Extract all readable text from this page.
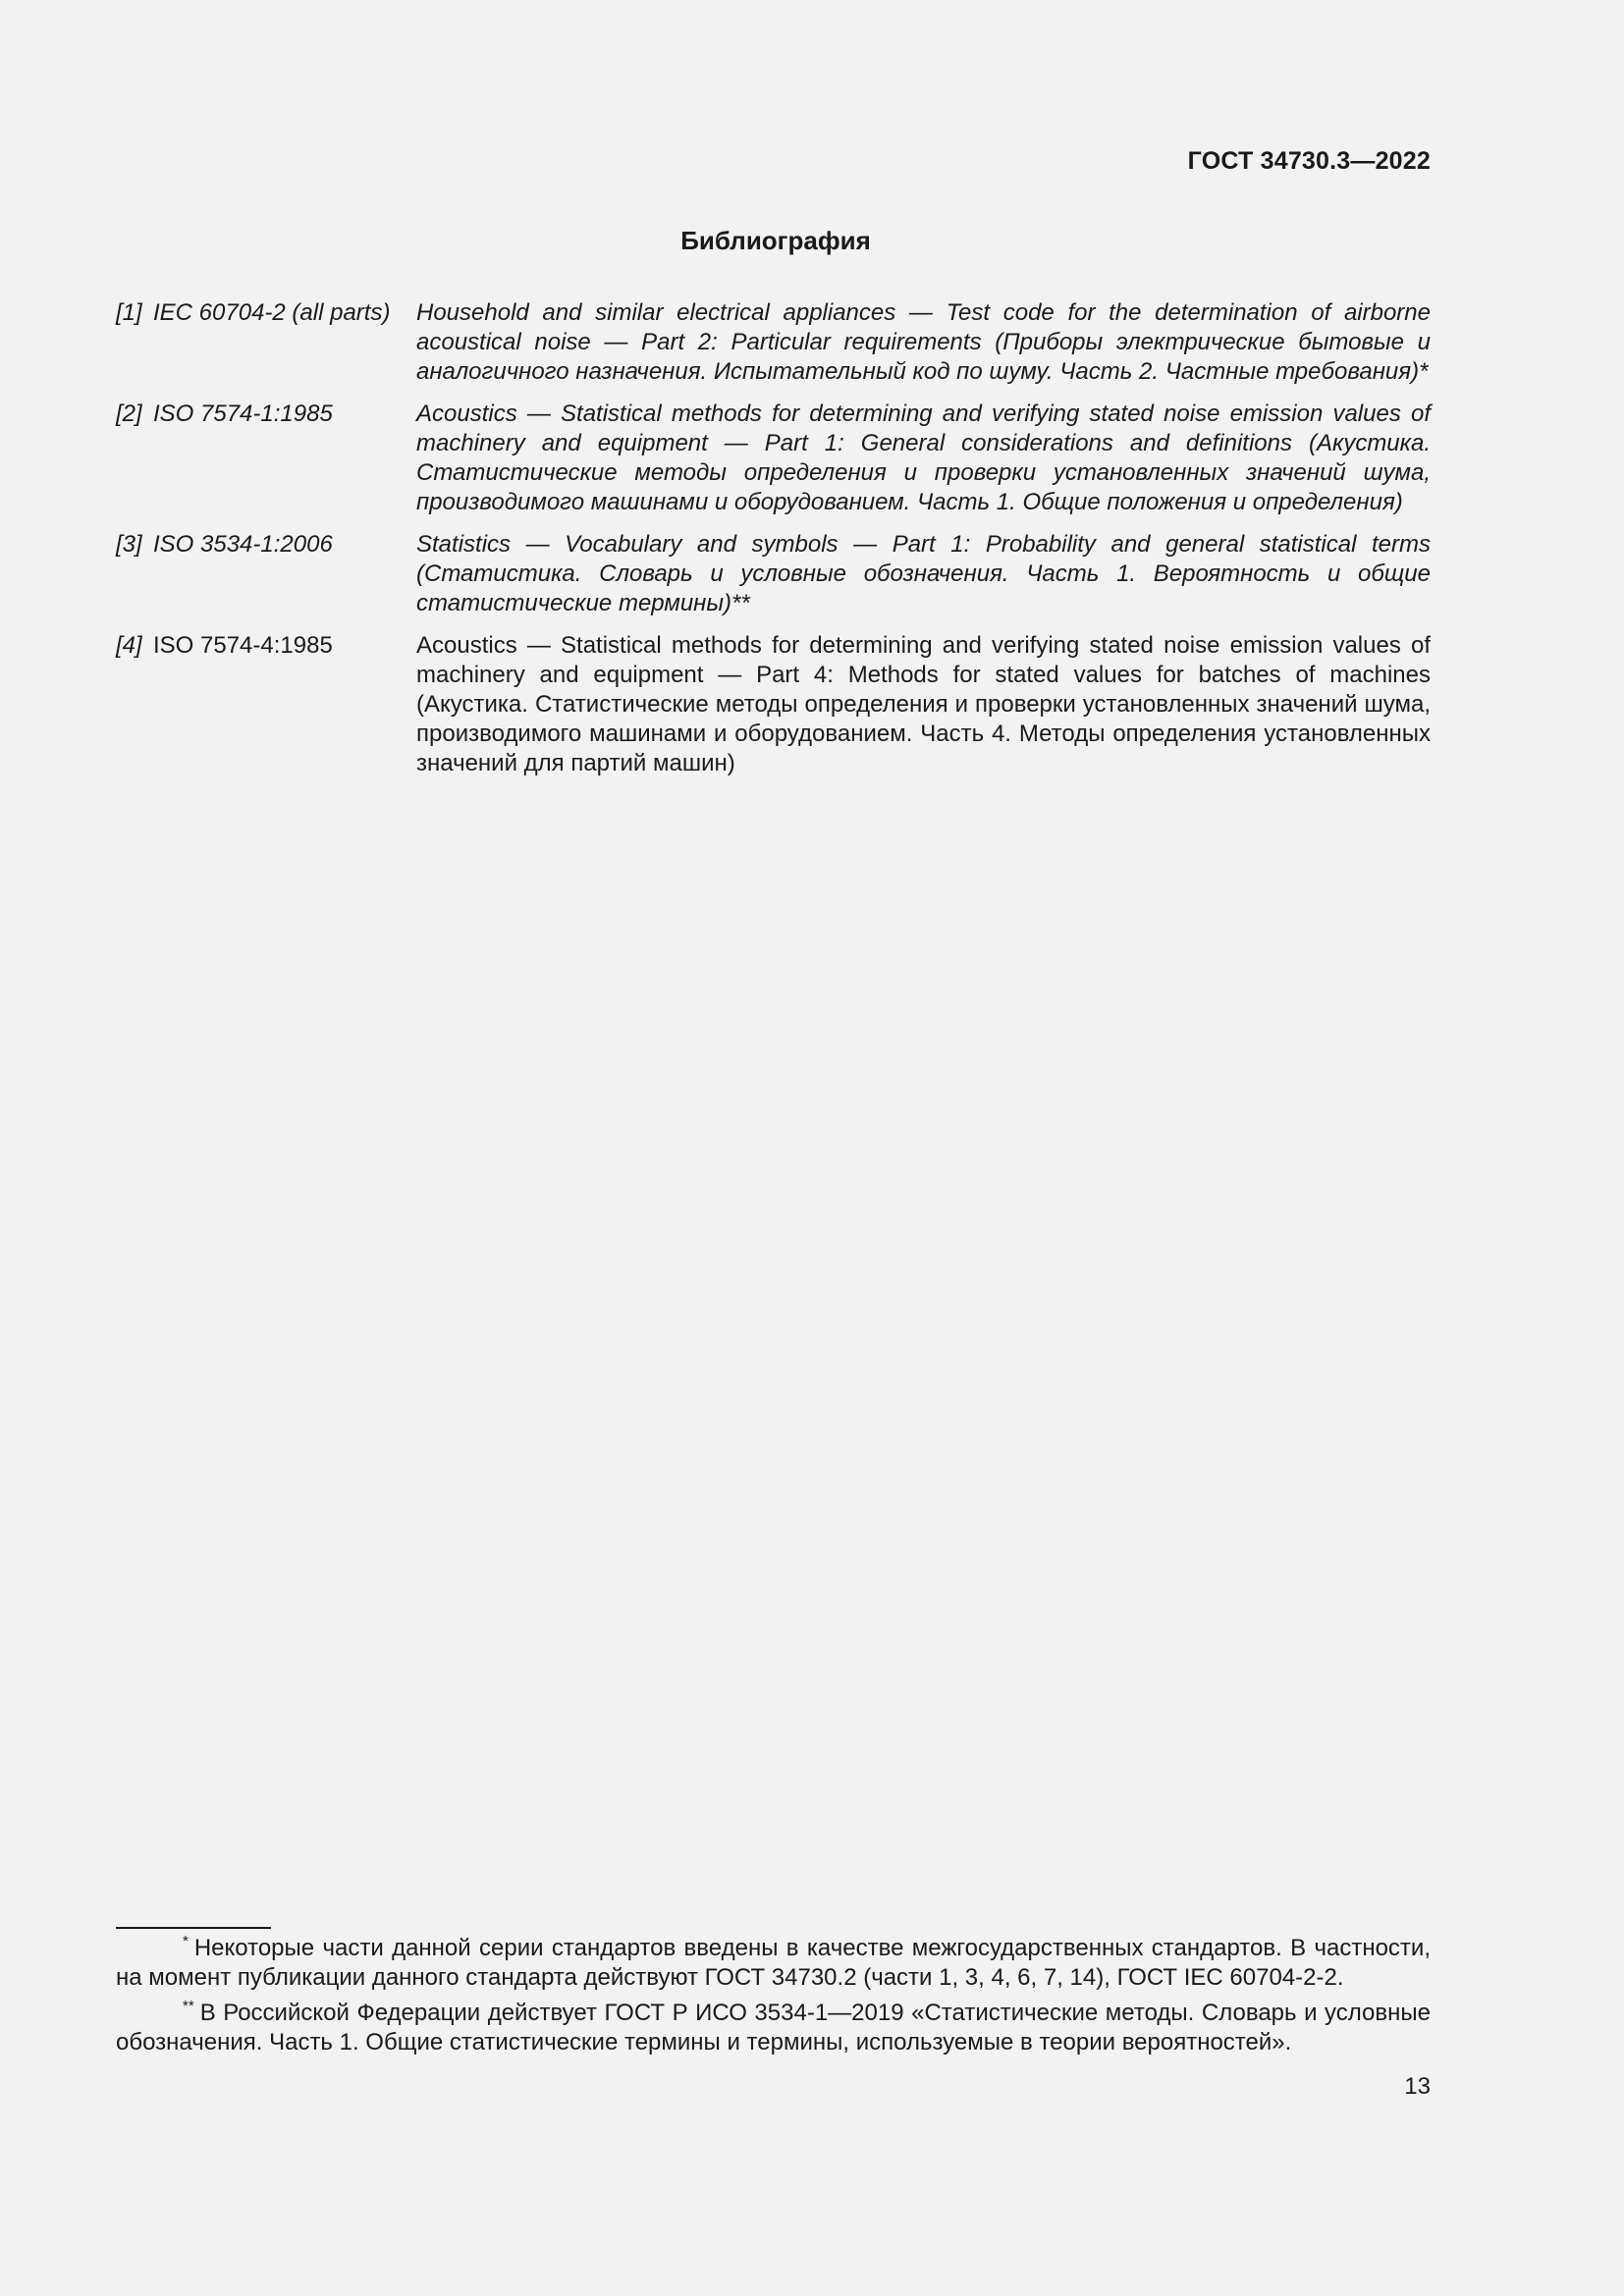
ГОСТ 34730.3—2022
Библиография
[1] IEC 60704-2 (all parts)	Household and similar electrical appliances — Test code for the determination of airborne acoustical noise — Part 2: Particular requirements (Приборы электрические бытовые и аналогичного назначения. Испытательный код по шуму. Часть 2. Частные требования)*
[2] ISO 7574-1:1985	Acoustics — Statistical methods for determining and verifying stated noise emission values of machinery and equipment — Part 1: General considerations and definitions (Акустика. Статистические методы определения и проверки установленных значений шума, производимого машинами и оборудованием. Часть 1. Общие положения и определения)
[3] ISO 3534-1:2006	Statistics — Vocabulary and symbols — Part 1: Probability and general statistical terms (Статистика. Словарь и условные обозначения. Часть 1. Вероятность и общие статистические термины)**
[4] ISO 7574-4:1985	Acoustics — Statistical methods for determining and verifying stated noise emission values of machinery and equipment — Part 4: Methods for stated values for batches of machines (Акустика. Статистические методы определения и проверки установленных значений шума, производимого машинами и оборудованием. Часть 4. Методы определения установленных значений для партий машин)
* Некоторые части данной серии стандартов введены в качестве межгосударственных стандартов. В частности, на момент публикации данного стандарта действуют ГОСТ 34730.2 (части 1, 3, 4, 6, 7, 14), ГОСТ IEC 60704-2-2.
** В Российской Федерации действует ГОСТ Р ИСО 3534-1—2019 «Статистические методы. Словарь и условные обозначения. Часть 1. Общие статистические термины и термины, используемые в теории вероятностей».
13
